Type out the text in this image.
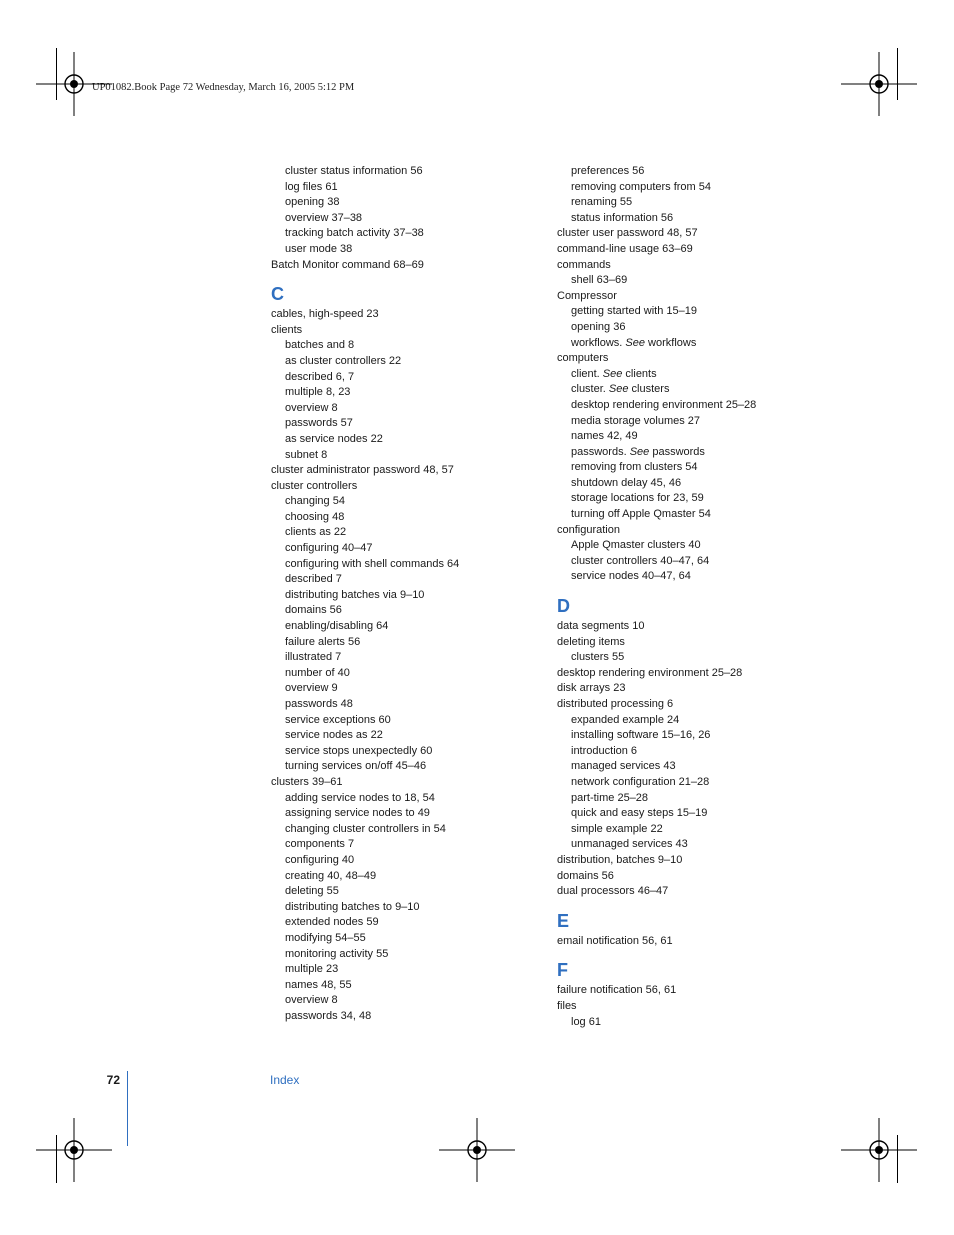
UP01082.Book Page 72 Wednesday, March 16, 2005 5:12 PM
cluster status information 56
log files 61
opening 38
overview 37–38
tracking batch activity 37–38
user mode 38
Batch Monitor command 68–69
C
cables, high-speed 23
clients
batches and 8
as cluster controllers 22
described 6, 7
multiple 8, 23
overview 8
passwords 57
as service nodes 22
subnet 8
cluster administrator password 48, 57
cluster controllers
changing 54
choosing 48
clients as 22
configuring 40–47
configuring with shell commands 64
described 7
distributing batches via 9–10
domains 56
enabling/disabling 64
failure alerts 56
illustrated 7
number of 40
overview 9
passwords 48
service exceptions 60
service nodes as 22
service stops unexpectedly 60
turning services on/off 45–46
clusters 39–61
adding service nodes to 18, 54
assigning service nodes to 49
changing cluster controllers in 54
components 7
configuring 40
creating 40, 48–49
deleting 55
distributing batches to 9–10
extended nodes 59
modifying 54–55
monitoring activity 55
multiple 23
names 48, 55
overview 8
passwords 34, 48
preferences 56
removing computers from 54
renaming 55
status information 56
cluster user password 48, 57
command-line usage 63–69
commands
shell 63–69
Compressor
getting started with 15–19
opening 36
workflows. See workflows
computers
client. See clients
cluster. See clusters
desktop rendering environment 25–28
media storage volumes 27
names 42, 49
passwords. See passwords
removing from clusters 54
shutdown delay 45, 46
storage locations for 23, 59
turning off Apple Qmaster 54
configuration
Apple Qmaster clusters 40
cluster controllers 40–47, 64
service nodes 40–47, 64
D
data segments 10
deleting items
clusters 55
desktop rendering environment 25–28
disk arrays 23
distributed processing 6
expanded example 24
installing software 15–16, 26
introduction 6
managed services 43
network configuration 21–28
part-time 25–28
quick and easy steps 15–19
simple example 22
unmanaged services 43
distribution, batches 9–10
domains 56
dual processors 46–47
E
email notification 56, 61
F
failure notification 56, 61
files
log 61
72	Index
